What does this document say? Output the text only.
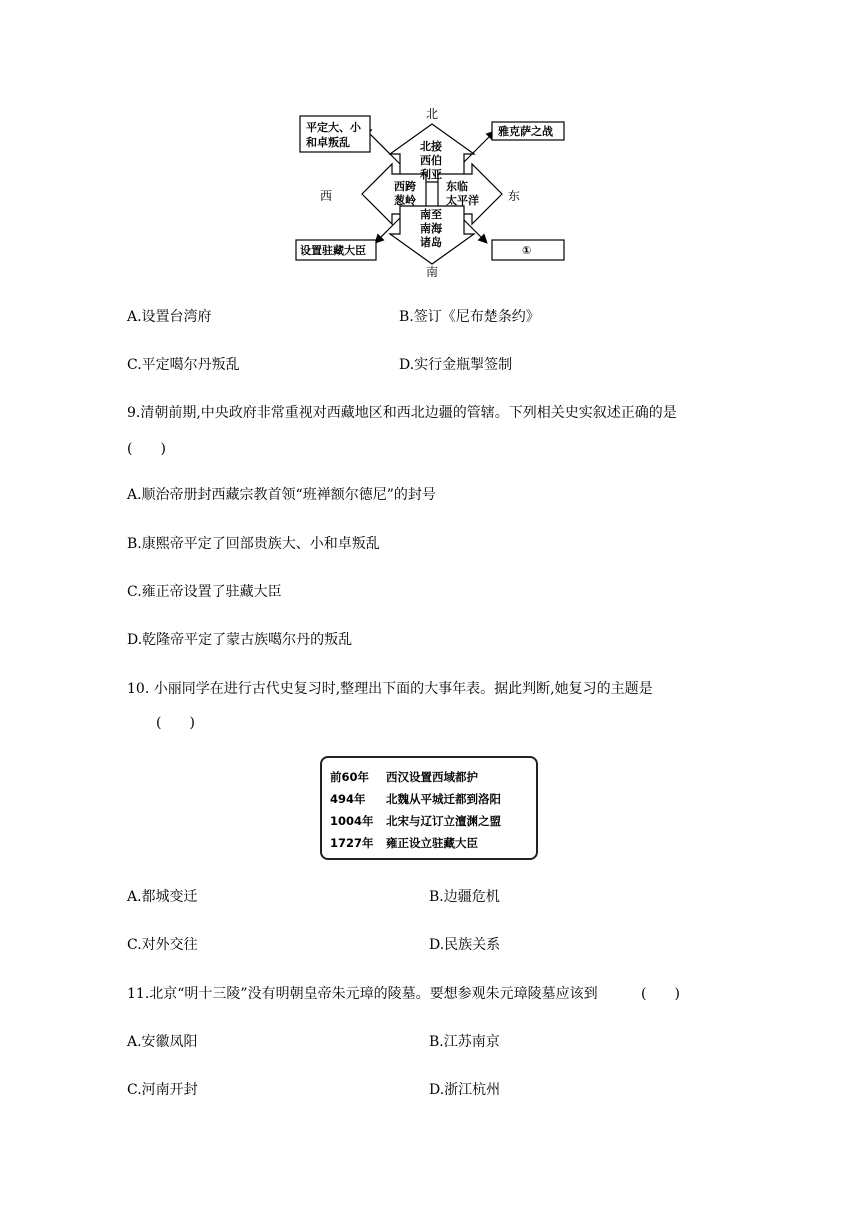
北
南
西	东
北接
西伯
利亚
西跨
葱岭
东临
太平洋
南至
南海
诸岛
平定大、小
和卓叛乱
雅克萨之战
设置驻藏大臣	①
A.设置台湾府	B.签订《尼布楚条约》
C.平定噶尔丹叛乱	D.实行金瓶掣签制
9.清朝前期,中央政府非常重视对西藏地区和西北边疆的管辖。下列相关史实叙述正确的是
(　　)
A.顺治帝册封西藏宗教首领“班禅额尔德尼”的封号
B.康熙帝平定了回部贵族大、小和卓叛乱
C.雍正帝设置了驻藏大臣
D.乾隆帝平定了蒙古族噶尔丹的叛乱
10. 小丽同学在进行古代史复习时,整理出下面的大事年表。据此判断,她复习的主题是
(　　)
前60年	西汉设置西域都护
494年	北魏从平城迁都到洛阳
1004年	北宋与辽订立澶渊之盟
1727年	雍正设立驻藏大臣
A.都城变迁	B.边疆危机
C.对外交往	D.民族关系
11.北京“明十三陵”没有明朝皇帝朱元璋的陵墓。要想参观朱元璋陵墓应该到	(　　)
A.安徽凤阳	B.江苏南京
C.河南开封	D.浙江杭州
